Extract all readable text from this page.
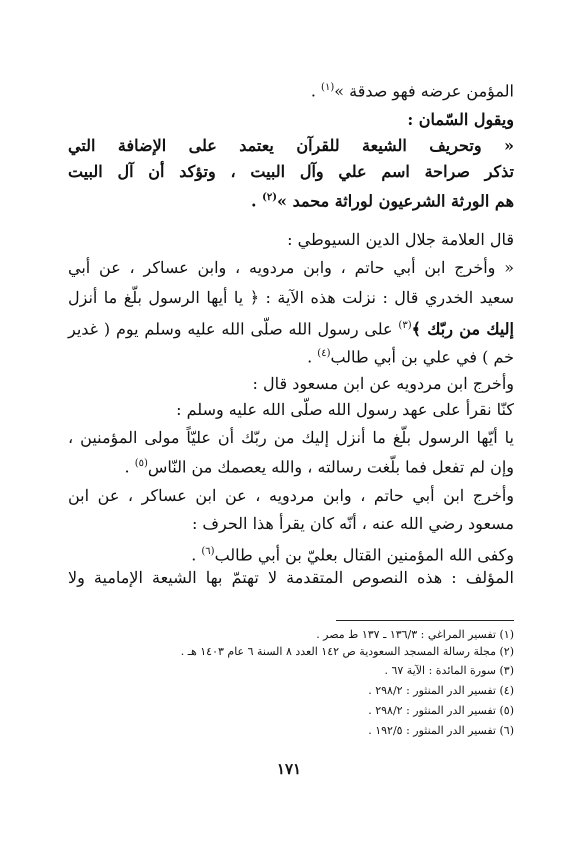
المؤمن عرضه فهو صدقة »$^{(١)}$ .
ويقول السّمان :
« وتحريف الشيعة للقرآن يعتمد على الإضافة التي
تذكر صراحة اسم علي وآل البيت ، وتؤكد أن آل البيت
هم الورثة الشرعيون لوراثة محمد »$^{(٢)}$ .
قال العلامة جلال الدين السيوطي :
« وأخرج ابن أبي حاتم ، وابن مردويه ، وابن عساكر ، عن أبي
سعيد الخدري قال : نزلت هذه الآية : ﴿ يا أيها الرسول بلّغ ما أنزل
إليك من ربّك ﴾$^{(٣)}$ على رسول الله صلّى الله عليه وسلم يوم ( غدير
خم ) في علي بن أبي طالب$^{(٤)}$ .
وأخرج ابن مردويه عن ابن مسعود قال :
كنّا نقرأ على عهد رسول الله صلّى الله عليه وسلم :
يا أيّها الرسول بلّغ ما أنزل إليك من ربّك أن عليّاً مولى المؤمنين ،
وإن لم تفعل فما بلّغت رسالته ، والله يعصمك من النّاس$^{(٥)}$ .
وأخرج ابن أبي حاتم ، وابن مردويه ، عن ابن عساكر ، عن ابن
مسعود رضي الله عنه ، أنّه كان يقرأ هذا الحرف :
وكفى الله المؤمنين القتال بعليّ بن أبي طالب$^{(٦)}$ .
المؤلف : هذه النصوص المتقدمة لا تهتمّ بها الشيعة الإمامية ولا
(١) تفسير المراغي : ١٣٦/٣ ـ ١٣٧ ط مصر .
(٢) مجلة رسالة المسجد السعودية ص ١٤٢ العدد ٨ السنة ٦ عام ١٤٠٣ هـ .
(٣) سورة المائدة : الآية ٦٧ .
(٤) تفسير الدر المنثور : ٢٩٨/٢ .
(٥) تفسير الدر المنثور : ٢٩٨/٢ .
(٦) تفسير الدر المنثور : ١٩٢/٥ .
١٧١
